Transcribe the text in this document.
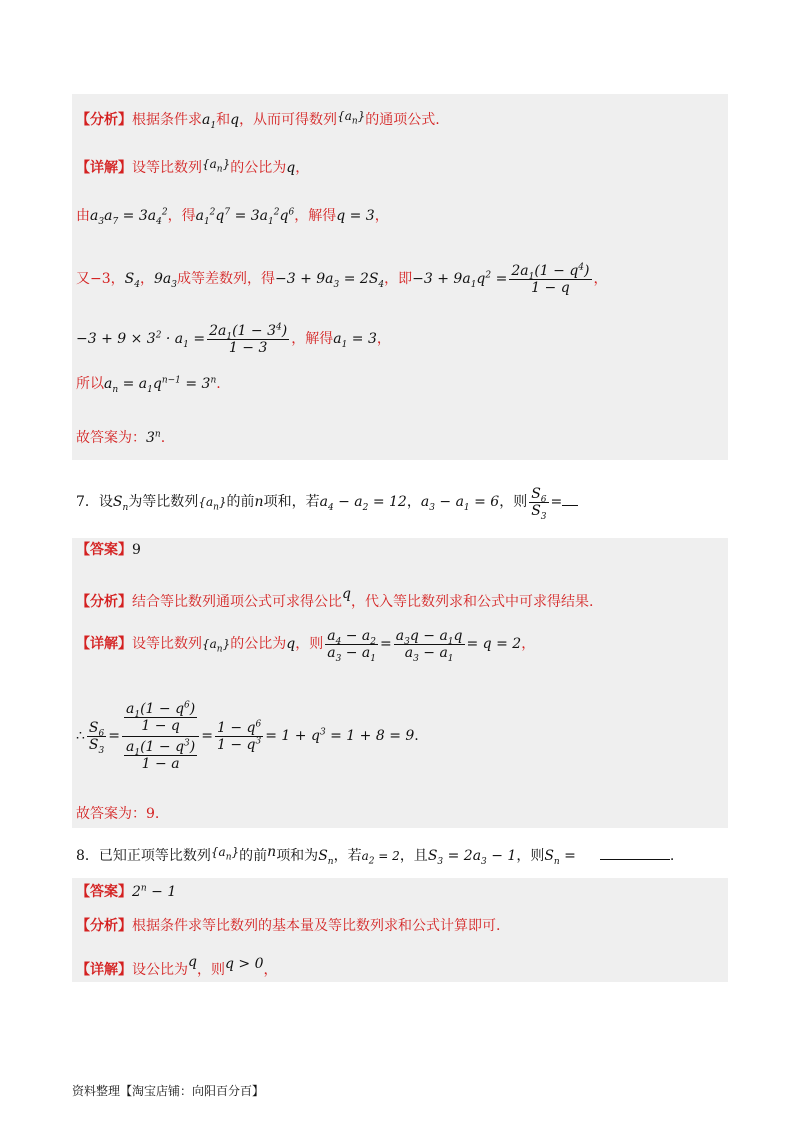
【分析】根据条件求$a_1$和q，从而可得数列$\{a_n\}$的通项公式.
【详解】设等比数列$\{a_n\}$的公比为q，
由$a_3a_7 = 3a_4^2$，得$a_1^2q^7 = 3a_1^2q^6$，解得q = 3，
又−3，$S_4$，$9a_3$成等差数列，得$-3 + 9a_3 = 2S_4$，即$-3 + 9a_1q^2 = \frac{2a_1(1 - q^4)}{1 - q}$ ，
$-3 + 9 \times 3^2 \cdot a_1 = \frac{2a_1(1 - 3^4)}{1 - 3}$ ，解得$a_1 = 3$，
所以$a_n = a_1q^{n-1} = 3^n$.
故答案为：3$^n$.
7．设$S_n$为等比数列$\{a_n\}$的前n项和，若$a_4 - a_2 = 12$，$a_3 - a_1 = 6$，则 $\frac{S_6}{S_3}$ =
【答案】9
【分析】结合等比数列通项公式可求得公比q，代入等比数列求和公式中可求得结果.
【详解】设等比数列$\{a_n\}$的公比为q，则 $\frac{a_4 - a_2}{a_3 - a_1} = \frac{a_3q - a_1q}{a_3 - a_1} = q = 2$，
∴ $\frac{S_6}{S_3} = \frac{\frac{a_1(1 - q^6)}{1 - q}}{\frac{a_1(1 - q^3)}{1 - a}} = \frac{1 - q^6}{1 - q^3} = 1 + q^3 = 1 + 8 = 9$.
故答案为：9.
8．已知正项等比数列$\{a_n\}$的前n项和为$S_n$，若$a_2 = 2$，且$S_3 = 2a_3 - 1$，则$S_n$ =	.
【答案】$2^n - 1$
【分析】根据条件求等比数列的基本量及等比数列求和公式计算即可.
【详解】设公比为q，则q > 0，
资料整理【淘宝店铺：向阳百分百】
